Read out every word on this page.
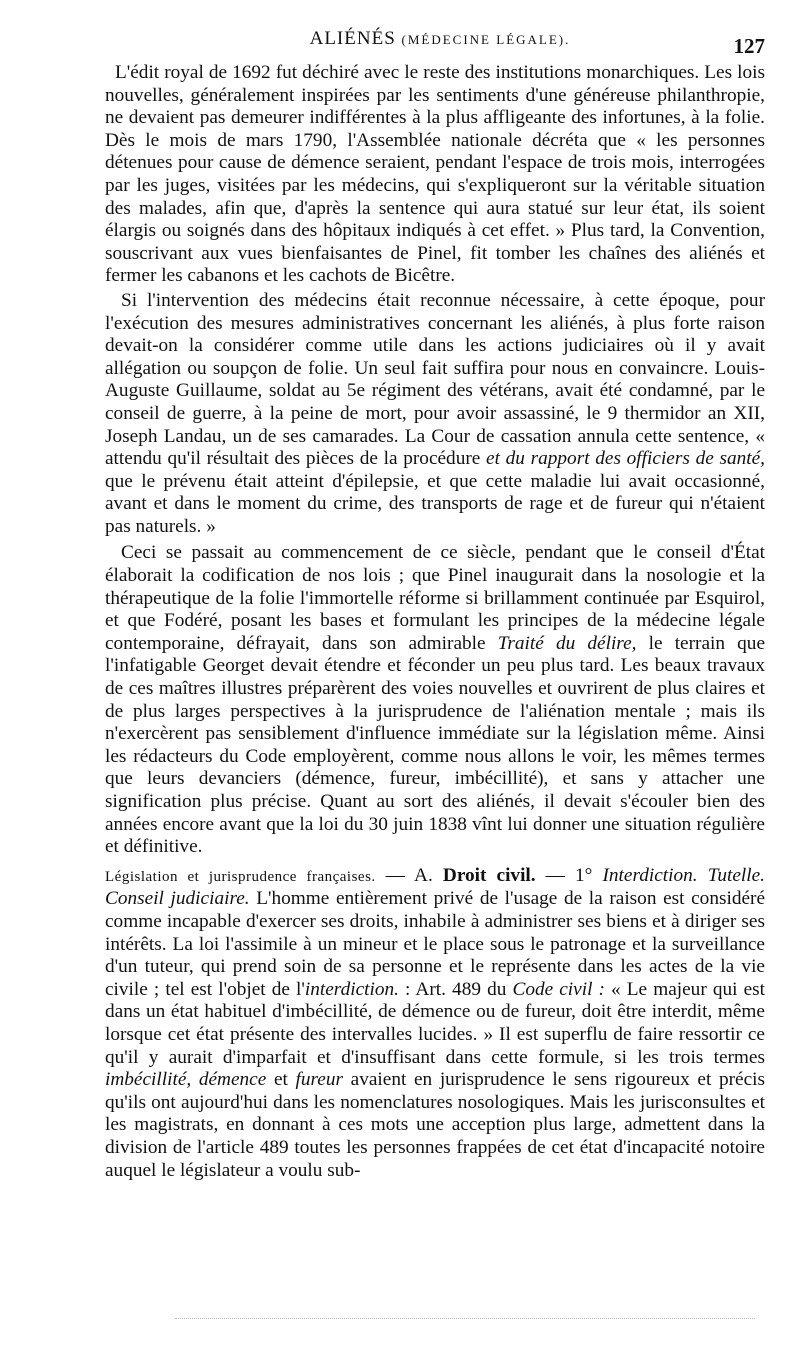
ALIÉNÉS (MÉDECINE LÉGALE).	127

L'édit royal de 1692 fut déchiré avec le reste des institutions monarchiques. Les lois nouvelles, généralement inspirées par les sentiments d'une généreuse philanthropie, ne devaient pas demeurer indifférentes à la plus affligeante des infortunes, à la folie. Dès le mois de mars 1790, l'Assemblée nationale décréta que « les personnes détenues pour cause de démence seraient, pendant l'espace de trois mois, interrogées par les juges, visitées par les médecins, qui s'expliqueront sur la véritable situation des malades, afin que, d'après la sentence qui aura statué sur leur état, ils soient élargis ou soignés dans des hôpitaux indiqués à cet effet. » Plus tard, la Convention, souscrivant aux vues bienfaisantes de Pinel, fit tomber les chaînes des aliénés et fermer les cabanons et les cachots de Bicêtre.

Si l'intervention des médecins était reconnue nécessaire, à cette époque, pour l'exécution des mesures administratives concernant les aliénés, à plus forte raison devait-on la considérer comme utile dans les actions judiciaires où il y avait allégation ou soupçon de folie. Un seul fait suffira pour nous en convaincre. Louis-Auguste Guillaume, soldat au 5e régiment des vétérans, avait été condamné, par le conseil de guerre, à la peine de mort, pour avoir assassiné, le 9 thermidor an XII, Joseph Landau, un de ses camarades. La Cour de cassation annula cette sentence, « attendu qu'il résultait des pièces de la procédure et du rapport des officiers de santé, que le prévenu était atteint d'épilepsie, et que cette maladie lui avait occasionné, avant et dans le moment du crime, des transports de rage et de fureur qui n'étaient pas naturels. »

Ceci se passait au commencement de ce siècle, pendant que le conseil d'État élaborait la codification de nos lois ; que Pinel inaugurait dans la nosologie et la thérapeutique de la folie l'immortelle réforme si brillamment continuée par Esquirol, et que Fodéré, posant les bases et formulant les principes de la médecine légale contemporaine, défrayait, dans son admirable Traité du délire, le terrain que l'infatigable Georget devait étendre et féconder un peu plus tard. Les beaux travaux de ces maîtres illustres préparèrent des voies nouvelles et ouvrirent de plus claires et de plus larges perspectives à la jurisprudence de l'aliénation mentale ; mais ils n'exercèrent pas sensiblement d'influence immédiate sur la législation même. Ainsi les rédacteurs du Code employèrent, comme nous allons le voir, les mêmes termes que leurs devanciers (démence, fureur, imbécillité), et sans y attacher une signification plus précise. Quant au sort des aliénés, il devait s'écouler bien des années encore avant que la loi du 30 juin 1838 vînt lui donner une situation régulière et définitive.

Législation et jurisprudence françaises. — A. Droit civil. — 1° Interdiction. Tutelle. Conseil judiciaire. L'homme entièrement privé de l'usage de la raison est considéré comme incapable d'exercer ses droits, inhabile à administrer ses biens et à diriger ses intérêts. La loi l'assimile à un mineur et le place sous le patronage et la surveillance d'un tuteur, qui prend soin de sa personne et le représente dans les actes de la vie civile ; tel est l'objet de l'interdiction. : Art. 489 du Code civil : « Le majeur qui est dans un état habituel d'imbécillité, de démence ou de fureur, doit être interdit, même lorsque cet état présente des intervalles lucides. » Il est superflu de faire ressortir ce qu'il y aurait d'imparfait et d'insuffisant dans cette formule, si les trois termes imbécillité, démence et fureur avaient en jurisprudence le sens rigoureux et précis qu'ils ont aujourd'hui dans les nomenclatures nosologiques. Mais les jurisconsultes et les magistrats, en donnant à ces mots une acception plus large, admettent dans la division de l'article 489 toutes les personnes frappées de cet état d'incapacité notoire auquel le législateur a voulu sub-
